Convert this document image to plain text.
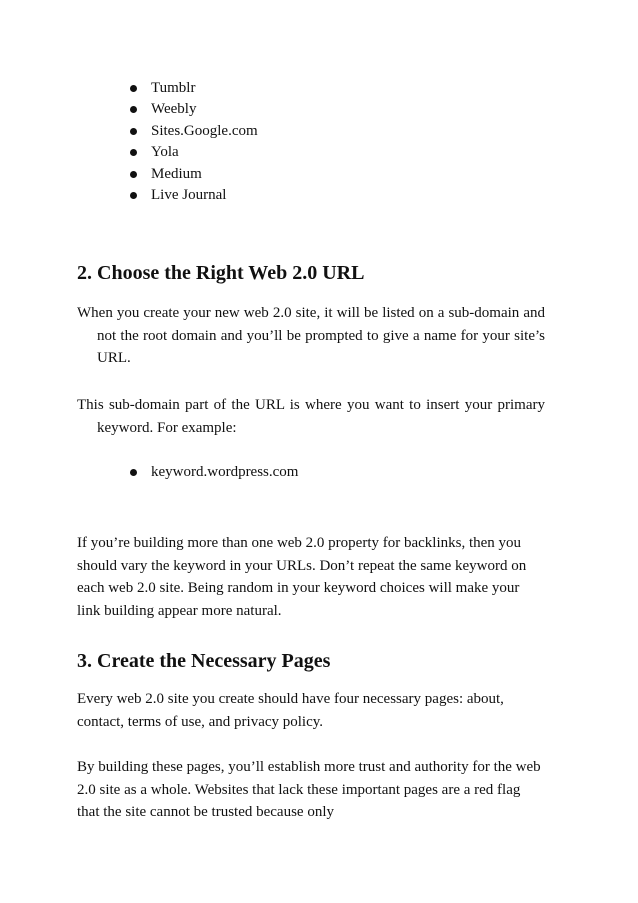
Tumblr
Weebly
Sites.Google.com
Yola
Medium
Live Journal
2. Choose the Right Web 2.0 URL

When you create your new web 2.0 site, it will be listed on a sub-domain and not the root domain and you’ll be prompted to give a name for your site’s URL.

This sub-domain part of the URL is where you want to insert your primary keyword. For example:

keyword.wordpress.com

If you’re building more than one web 2.0 property for backlinks, then you should vary the keyword in your URLs. Don’t repeat the same keyword on each web 2.0 site. Being random in your keyword choices will make your link building appear more natural.

3. Create the Necessary Pages

Every web 2.0 site you create should have four necessary pages: about, contact, terms of use, and privacy policy.

By building these pages, you’ll establish more trust and authority for the web 2.0 site as a whole. Websites that lack these important pages are a red flag that the site cannot be trusted because only
